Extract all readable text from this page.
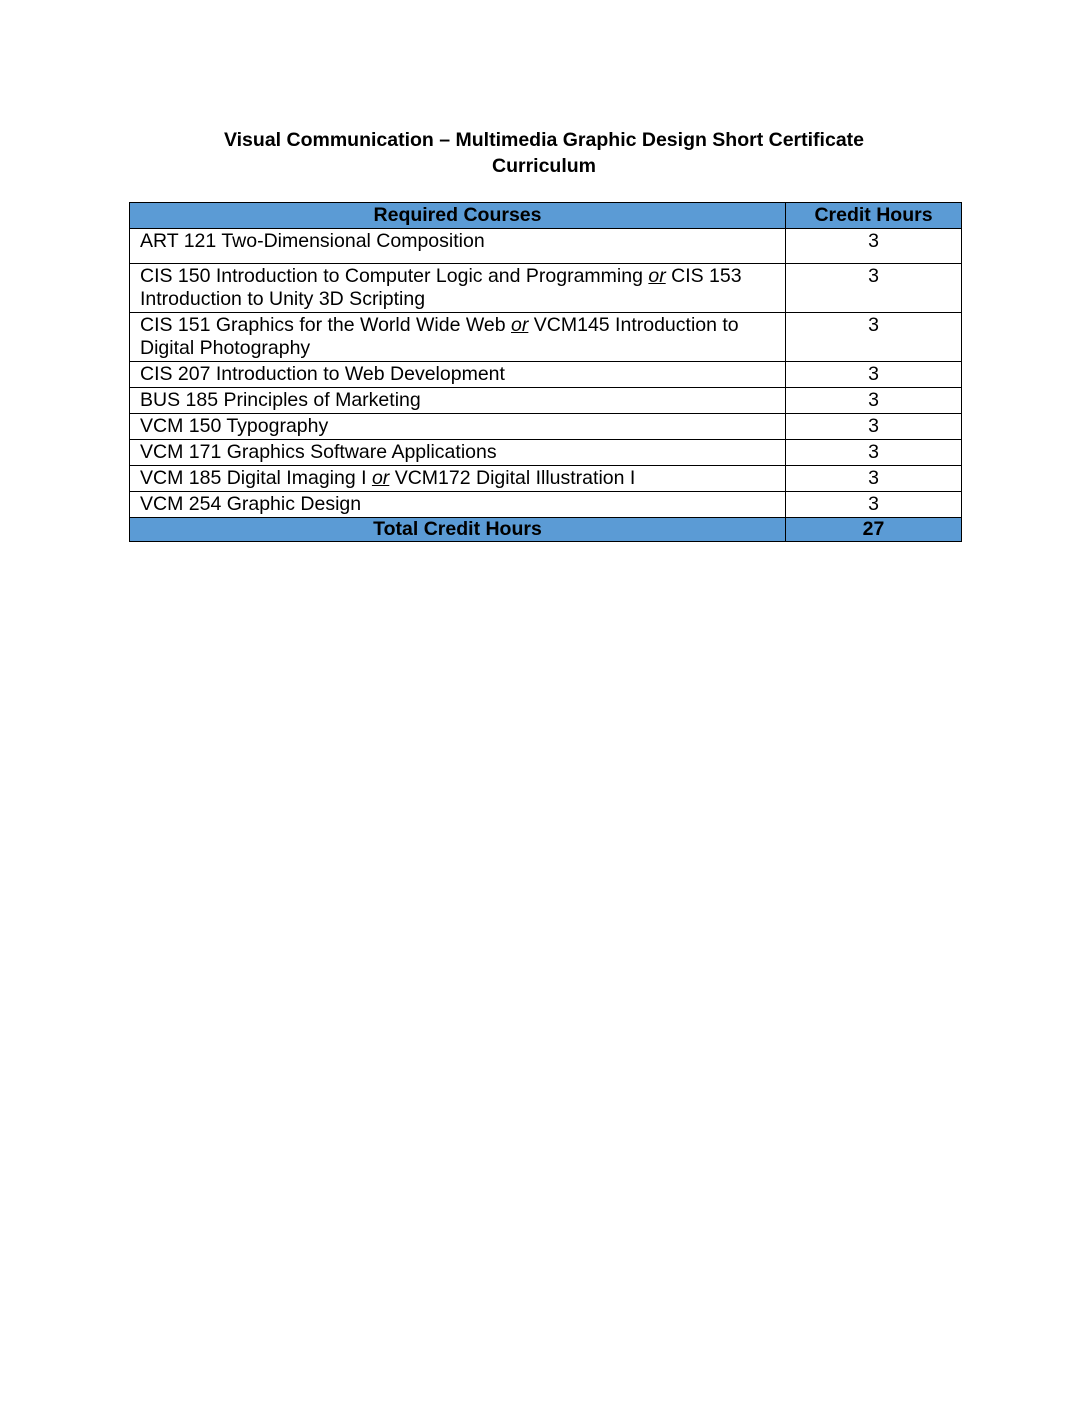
Visual Communication – Multimedia Graphic Design Short Certificate
Curriculum
Required Courses	Credit Hours
ART 121 Two-Dimensional Composition	3
CIS 150 Introduction to Computer Logic and Programming or CIS 153 Introduction to Unity 3D Scripting	3
CIS 151 Graphics for the World Wide Web or VCM145 Introduction to Digital Photography	3
CIS 207 Introduction to Web Development	3
BUS 185 Principles of Marketing	3
VCM 150 Typography	3
VCM 171 Graphics Software Applications	3
VCM 185 Digital Imaging I or VCM172 Digital Illustration I	3
VCM 254 Graphic Design	3
Total Credit Hours	27
